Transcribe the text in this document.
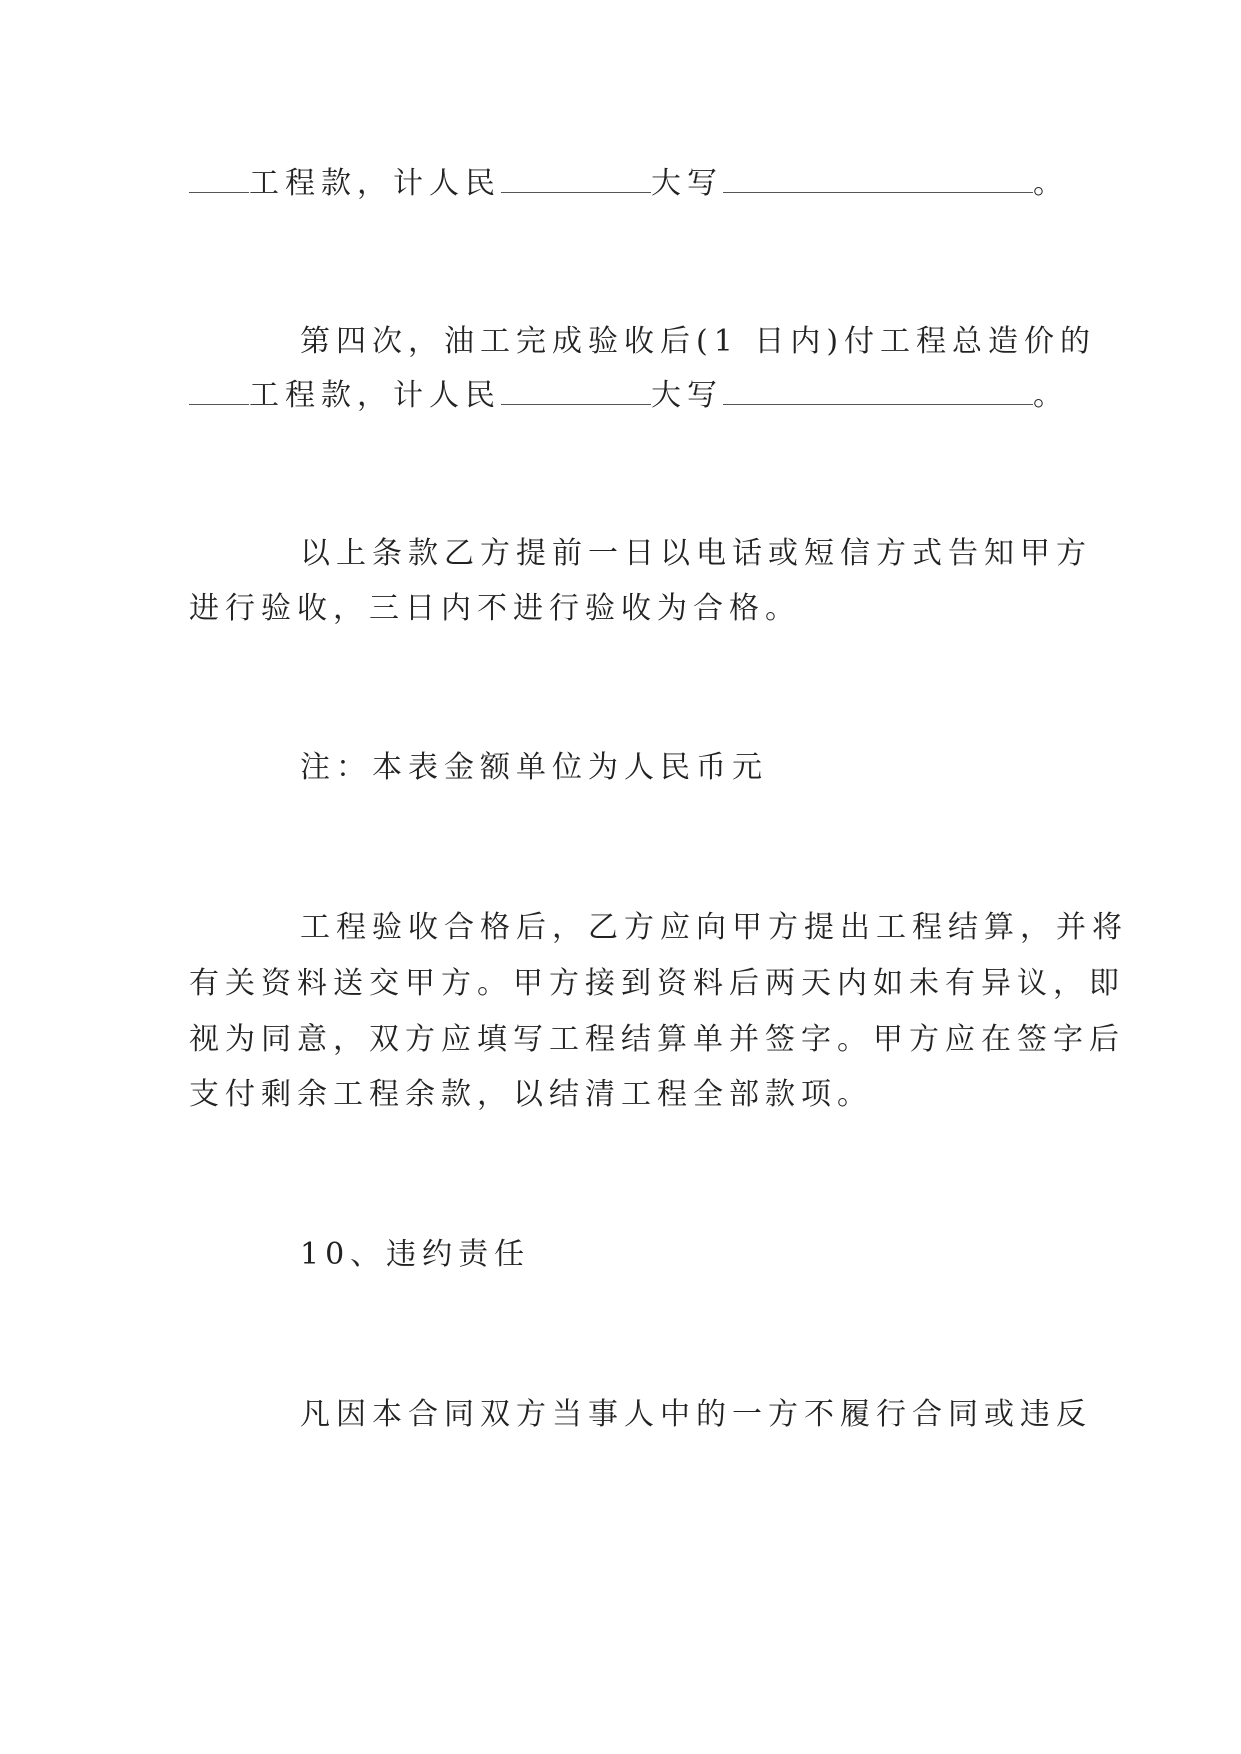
工程款，计人民	大写	。
第四次，油工完成验收后(1 日内)付工程总造价的
工程款，计人民	大写	。
以上条款乙方提前一日以电话或短信方式告知甲方
进行验收，三日内不进行验收为合格。
注：本表金额单位为人民币元
工程验收合格后，乙方应向甲方提出工程结算，并将
有关资料送交甲方。甲方接到资料后两天内如未有异议，即
视为同意，双方应填写工程结算单并签字。甲方应在签字后
支付剩余工程余款，以结清工程全部款项。
10、违约责任
凡因本合同双方当事人中的一方不履行合同或违反
